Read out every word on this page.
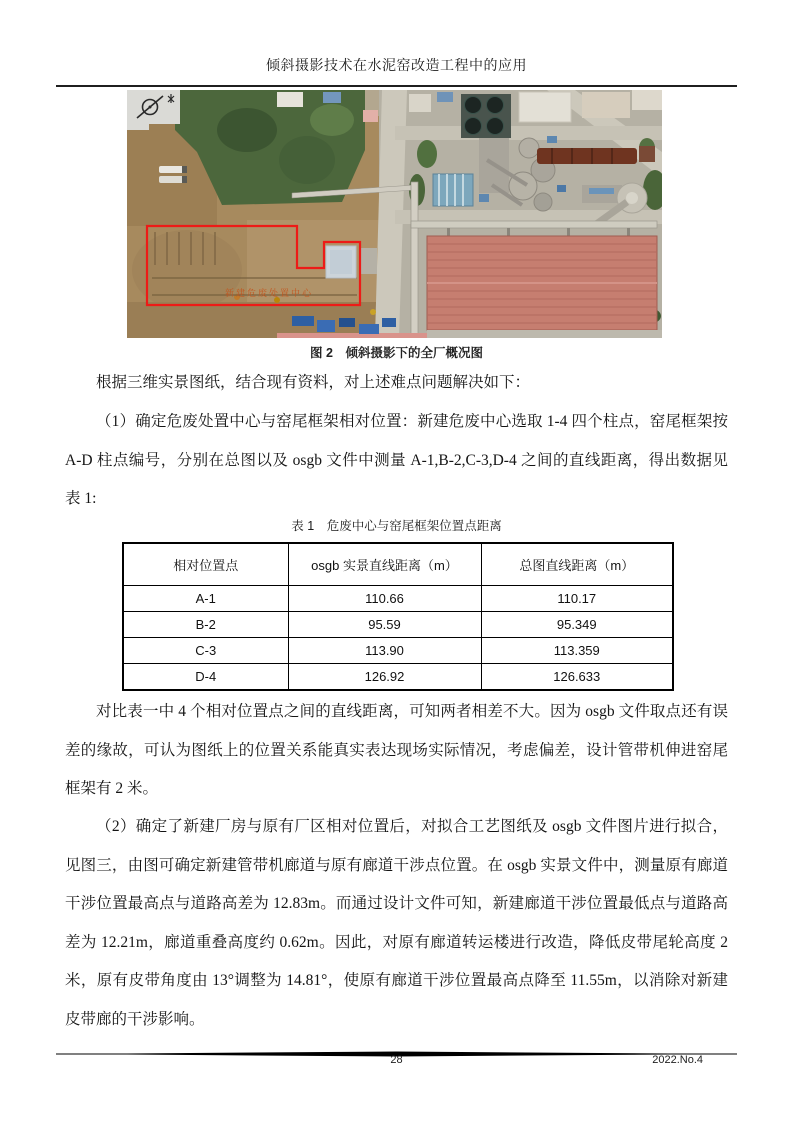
倾斜摄影技术在水泥窑改造工程中的应用
新建危废处置中心
图 2　倾斜摄影下的全厂概况图

根据三维实景图纸，结合现有资料，对上述难点问题解决如下：

（1）确定危废处置中心与窑尾框架相对位置：新建危废中心选取 1-4 四个柱点，窑尾框架按 A-D 柱点编号，分别在总图以及 osgb 文件中测量 A-1,B-2,C-3,D-4 之间的直线距离，得出数据见表 1:

表 1　危废中心与窑尾框架位置点距离
相对位置点	osgb 实景直线距离（m）	总图直线距离（m）
A-1	110.66	110.17
B-2	95.59	95.349
C-3	113.90	113.359
D-4	126.92	126.633

对比表一中 4 个相对位置点之间的直线距离，可知两者相差不大。因为 osgb 文件取点还有误差的缘故，可认为图纸上的位置关系能真实表达现场实际情况，考虑偏差，设计管带机伸进窑尾框架有 2 米。

（2）确定了新建厂房与原有厂区相对位置后，对拟合工艺图纸及 osgb 文件图片进行拟合，见图三，由图可确定新建管带机廊道与原有廊道干涉点位置。在 osgb 实景文件中，测量原有廊道干涉位置最高点与道路高差为 12.83m。而通过设计文件可知，新建廊道干涉位置最低点与道路高差为 12.21m，廊道重叠高度约 0.62m。因此，对原有廊道转运楼进行改造，降低皮带尾轮高度 2 米，原有皮带角度由 13°调整为 14.81°，使原有廊道干涉位置最高点降至 11.55m，以消除对新建皮带廊的干涉影响。

28	2022.No.4
